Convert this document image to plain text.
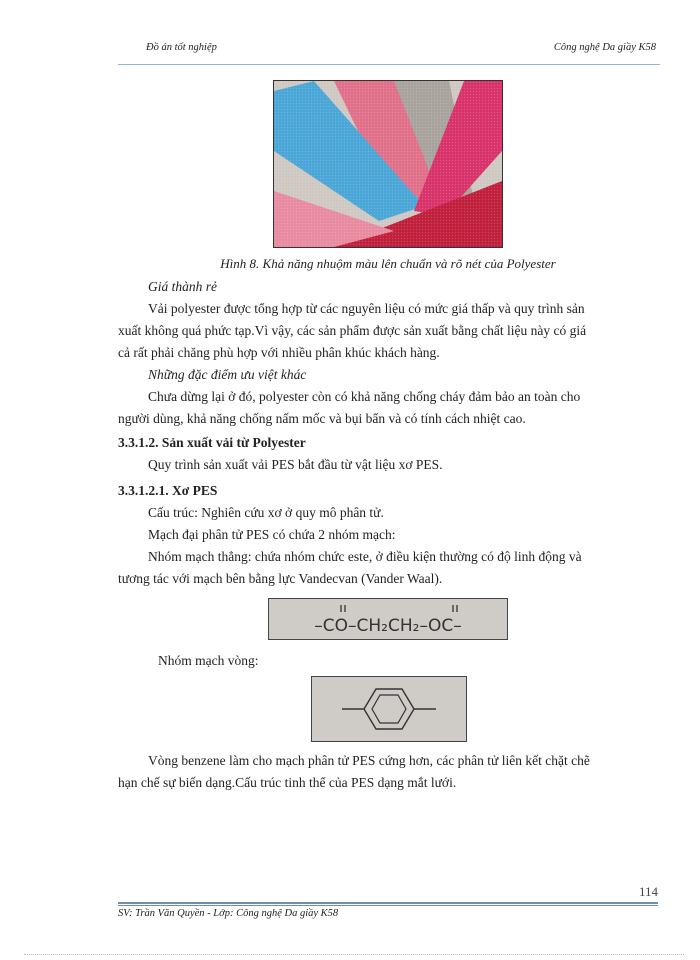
Đồ án tốt nghiệp	Công nghệ Da giầy K58
Hình 8. Khả năng nhuộm màu lên chuẩn và rõ nét của Polyester
Giá thành rẻ
Vải polyester được tổng hợp từ các nguyên liệu có mức giá thấp và quy trình sản
xuất không quá phức tạp.Vì vậy, các sản phẩm được sản xuất bằng chất liệu này có giá
cả rất phải chăng phù hợp với nhiều phân khúc khách hàng.
Những đặc điểm ưu việt khác
Chưa dừng lại ở đó, polyester còn có khả năng chống cháy đảm bảo an toàn cho
người dùng, khả năng chống nấm mốc và bụi bẩn và có tính cách nhiệt cao.
3.3.1.2. Sản xuất vải từ Polyester
Quy trình sản xuất vải PES bắt đầu từ vật liệu xơ PES.
3.3.1.2.1. Xơ PES
Cấu trúc: Nghiên cứu xơ ở quy mô phân tử.
Mạch đại phân tử PES có chứa 2 nhóm mạch:
Nhóm mạch thẳng: chứa nhóm chức este, ở điều kiện thường có độ linh động và
tương tác với mạch bên bằng lực Vandecvan (Vander Waal).
–CO–CH₂CH₂–OC–
Nhóm mạch vòng:
Vòng benzene làm cho mạch phân tử PES cứng hơn, các phân tử liên kết chặt chẽ
hạn chế sự biến dạng.Cấu trúc tinh thể của PES dạng mắt lưới.
114
SV: Trần Văn Quyền - Lớp: Công nghệ Da giầy K58
